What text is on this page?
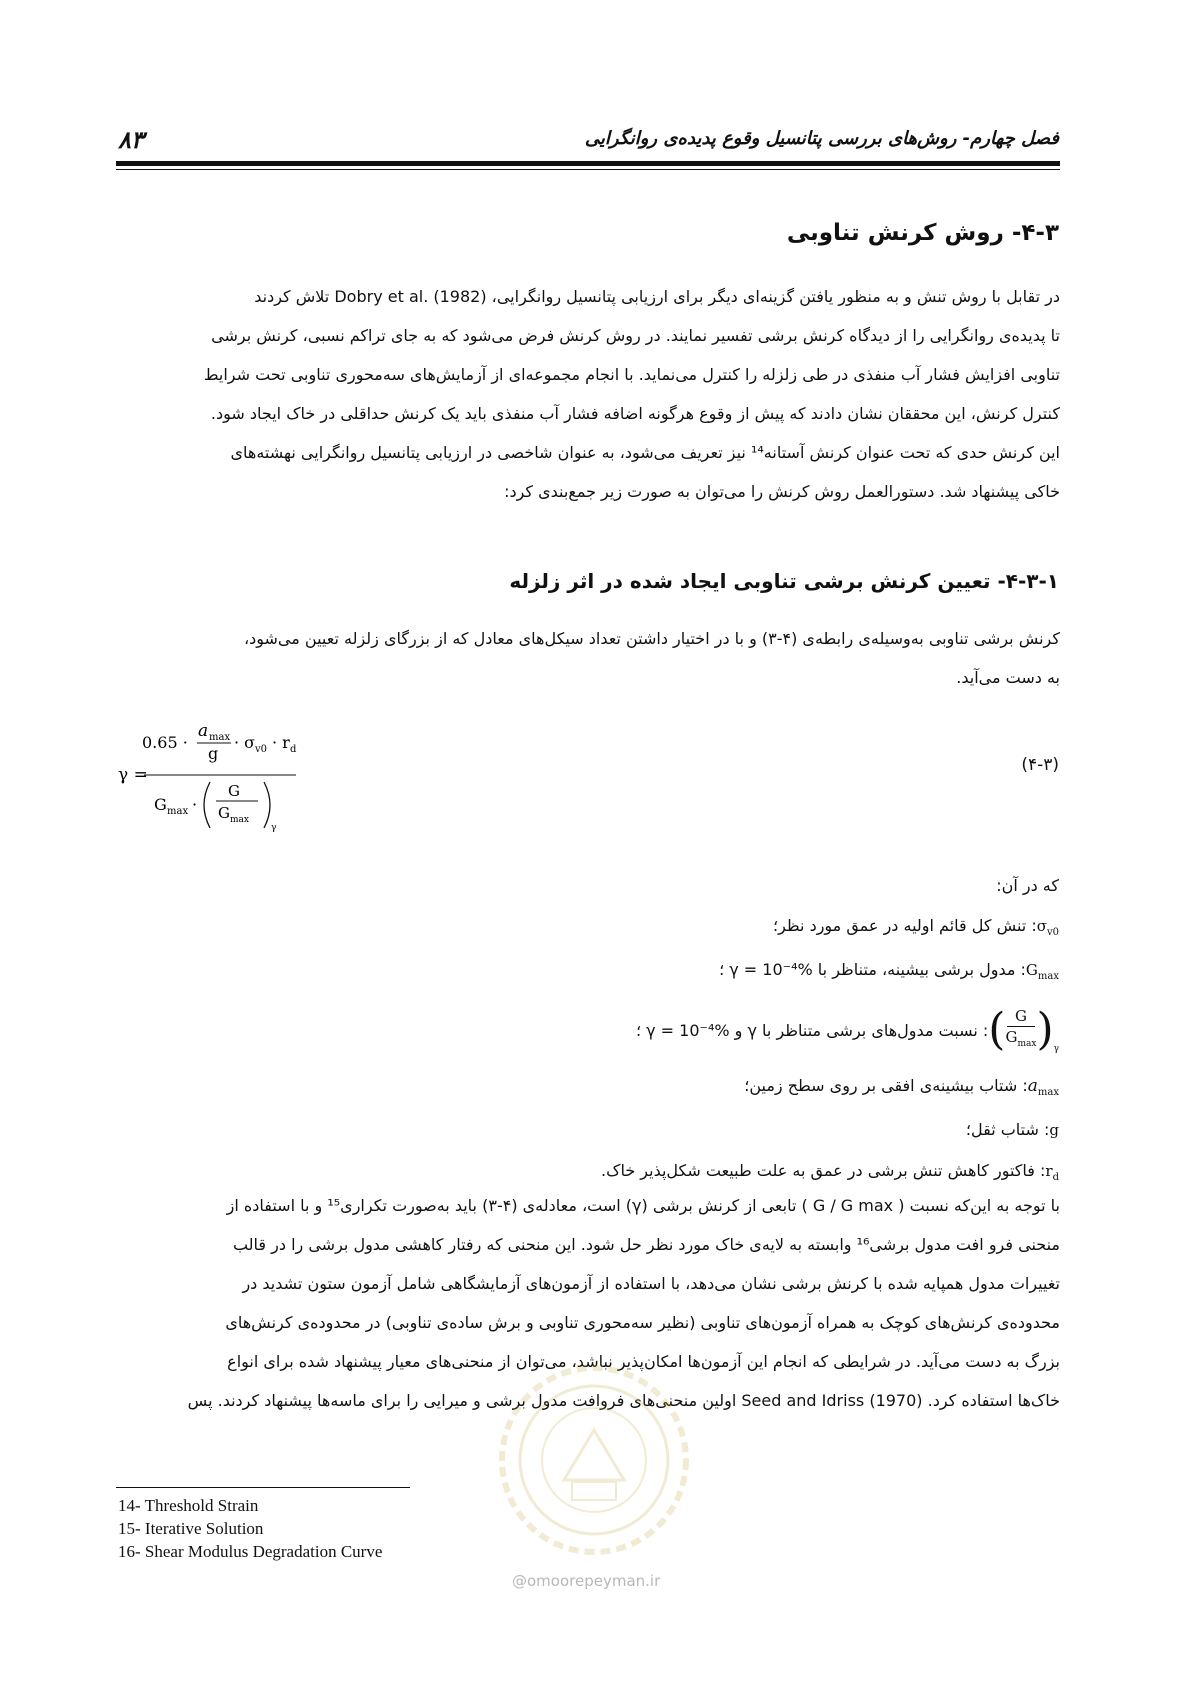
۸۳	فصل چهارم- روش‌های بررسی پتانسیل وقوع پدیده‌ی روانگرایی
۴-۳- روش کرنش تناوبی
در تقابل با روش تنش و به منظور یافتن گزینه‌ای دیگر برای ارزیابی پتانسیل روانگرایی، (1982) .Dobry et al تلاش کردند
تا پدیده‌ی روانگرایی را از دیدگاه کرنش برشی تفسیر نمایند. در روش کرنش فرض می‌شود که به جای تراکم نسبی، کرنش برشی
تناوبی افزایش فشار آب منفذی در طی زلزله را کنترل می‌نماید. با انجام مجموعه‌ای از آزمایش‌های سه‌محوری تناوبی تحت شرایط
کنترل کرنش، این محققان نشان دادند که پیش از وقوع هرگونه اضافه فشار آب منفذی باید یک کرنش حداقلی در خاک ایجاد شود.
این کرنش حدی که تحت عنوان کرنش آستانه¹⁴ نیز تعریف می‌شود، به عنوان شاخصی در ارزیابی پتانسیل روانگرایی نهشته‌های
خاکی پیشنهاد شد. دستورالعمل روش کرنش را می‌توان به صورت زیر جمع‌بندی کرد:
۴-۳-۱- تعیین کرنش برشی تناوبی ایجاد شده در اثر زلزله
کرنش برشی تناوبی به‌وسیله‌ی رابطه‌ی (۴-۳) و با در اختیار داشتن تعداد سیکل‌های معادل که از بزرگای زلزله تعیین می‌شود،
به دست می‌آید.
γ =
0.65 ·
a max
g
· σ v0 · r d
G max ·
G
G max
γ
(۴-۳)
که در آن:
$\sigma_{v0}$: تنش کل قائم اولیه در عمق مورد نظر؛
$G_{max}$: مدول برشی بیشینه، متناظر با γ = 10⁻⁴% ؛
( G
$G_{max}$ )$_\gamma$
: نسبت مدول‌های برشی متناظر با γ و γ = 10⁻⁴% ؛
$a_{max}$: شتاب بیشینه‌ی افقی بر روی سطح زمین؛
g: شتاب ثقل؛
$r_d$: فاکتور کاهش تنش برشی در عمق به علت طبیعت شکل‌پذیر خاک.
با توجه به این‌که نسبت ( G / G max ) تابعی از کرنش برشی (γ) است، معادله‌ی (۴-۳) باید به‌صورت تکراری¹⁵ و با استفاده از
منحنی فرو افت مدول برشی¹⁶ وابسته به لایه‌ی خاک مورد نظر حل شود. این منحنی که رفتار کاهشی مدول برشی را در قالب
تغییرات مدول همپایه شده با کرنش برشی نشان می‌دهد، با استفاده از آزمون‌های آزمایشگاهی شامل آزمون ستون تشدید در
محدوده‌ی کرنش‌های کوچک به همراه آزمون‌های تناوبی (نظیر سه‌محوری تناوبی و برش ساده‌ی تناوبی) در محدوده‌ی کرنش‌های
بزرگ به دست می‌آید. در شرایطی که انجام این آزمون‌ها امکان‌پذیر نباشد، می‌توان از منحنی‌های معیار پیشنهاد شده برای انواع
خاک‌ها استفاده کرد. (1970) Seed and Idriss اولین منحنی‌های فروافت مدول برشی و میرایی را برای ماسه‌ها پیشنهاد کردند. پس
@omoorepeyman.ir
14- Threshold Strain
15- Iterative Solution
16- Shear Modulus Degradation Curve
